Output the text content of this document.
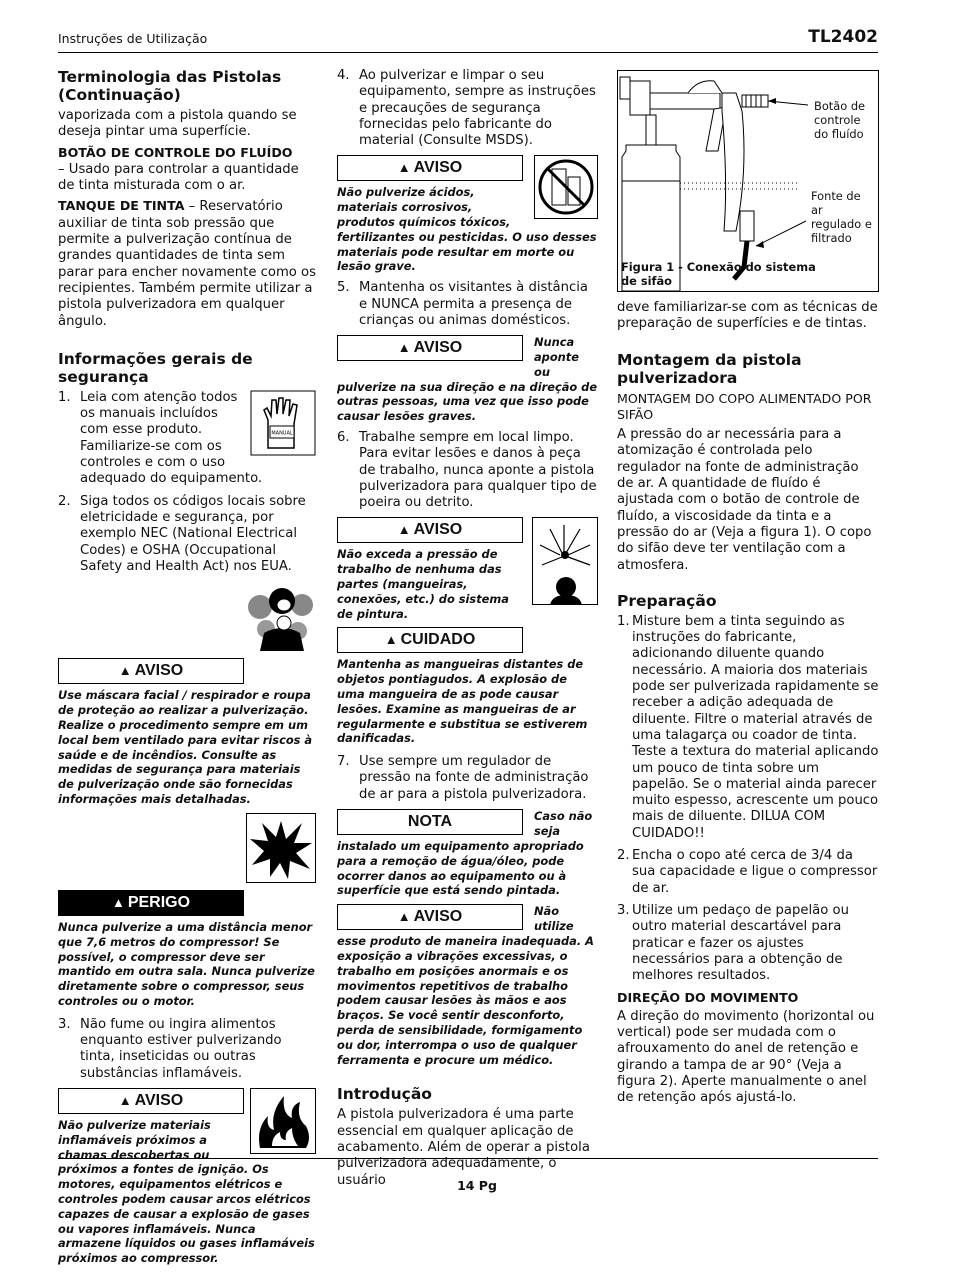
Instruções de Utilização	TL2402
Terminologia das Pistolas (Continuação)

vaporizada com a pistola quando se deseja pintar uma superfície.

BOTÃO DE CONTROLE DO FLUÍDO
– Usado para controlar a quantidade de tinta misturada com o ar.

TANQUE DE TINTA – Reservatório auxiliar de tinta sob pressão que permite a pulverização contínua de grandes quantidades de tinta sem parar para encher novamente como os recipientes. Também permite utilizar a pistola pulverizadora em qualquer ângulo.

Informações gerais de segurança
1.
MANUAL
Leia com atenção todos os manuais incluídos com esse produto. Familiarize-se com os controles e com o uso adequado do equipamento.
2. Siga todos os códigos locais sobre eletricidade e segurança, por exemplo NEC (National Electrical Codes) e OSHA (Occupational Safety and Health Act) nos EUA.
▲ AVISO
Use máscara facial / respirador e roupa de proteção ao realizar a pulverização. Realize o procedimento sempre em um local bem ventilado para evitar riscos à saúde e de incêndios. Consulte as medidas de segurança para materiais de pulverização onde são fornecidas informações mais detalhadas.
▲ PERIGO
Nunca pulverize a uma distância menor que 7,6 metros do compressor! Se possível, o compressor deve ser mantido em outra sala. Nunca pulverize diretamente sobre o compressor, seus controles ou o motor.
3. Não fume ou ingira alimentos enquanto estiver pulverizando tinta, inseticidas ou outras substâncias inflamáveis.
▲ AVISO
Não pulverize materiais inflamáveis próximos a chamas descobertas ou próximos a fontes de ignição. Os motores, equipamentos elétricos e controles podem causar arcos elétricos capazes de causar a explosão de gases ou vapores inflamáveis. Nunca armazene líquidos ou gases inflamáveis próximos ao compressor.
4. Ao pulverizar e limpar o seu equipamento, sempre as instruções e precauções de segurança fornecidas pelo fabricante do material (Consulte MSDS).
▲ AVISO
Não pulverize ácidos, materiais corrosivos, produtos químicos tóxicos, fertilizantes ou pesticidas. O uso desses materiais pode resultar em morte ou lesão grave.
5. Mantenha os visitantes à distância e NUNCA permita a presença de crianças ou animas domésticos.
Nunca aponte ou
▲ AVISO
pulverize na sua direção e na direção de outras pessoas, uma vez que isso pode causar lesões graves.
6. Trabalhe sempre em local limpo. Para evitar lesões e danos à peça de trabalho, nunca aponte a pistola pulverizadora para qualquer tipo de poeira ou detrito.
▲ AVISO
Não exceda a pressão de trabalho de nenhuma das partes (mangueiras, conexões, etc.) do sistema de pintura.
▲ CUIDADO
Mantenha as mangueiras distantes de objetos pontiagudos. A explosão de uma mangueira de as pode causar lesões. Examine as mangueiras de ar regularmente e substitua se estiverem danificadas.
7. Use sempre um regulador de pressão na fonte de administração de ar para a pistola pulverizadora.
Caso não seja
NOTA
instalado um equipamento apropriado para a remoção de água/óleo, pode ocorrer danos ao equipamento ou à superfície que está sendo pintada.
Não utilize
▲ AVISO
esse produto de maneira inadequada. A exposição a vibrações excessivas, o trabalho em posições anormais e os movimentos repetitivos de trabalho podem causar lesões às mãos e aos braços. Se você sentir desconforto, perda de sensibilidade, formigamento ou dor, interrompa o uso de qualquer ferramenta e procure um médico.
Introdução

A pistola pulverizadora é uma parte essencial em qualquer aplicação de acabamento. Além de operar a pistola pulverizadora adequadamente, o usuário

Botão de controle do fluído
Fonte de ar regulado e filtrado
Figura 1 - Conexão do sistema de sifão

deve familiarizar-se com as técnicas de preparação de superfícies e de tintas.

Montagem da pistola pulverizadora

MONTAGEM DO COPO ALIMENTADO POR SIFÃO

A pressão do ar necessária para a atomização é controlada pelo regulador na fonte de administração de ar. A quantidade de fluído é ajustada com o botão de controle de fluído, a viscosidade da tinta e a pressão do ar (Veja a figura 1). O copo do sifão deve ter ventilação com a atmosfera.

Preparação
1. Misture bem a tinta seguindo as instruções do fabricante, adicionando diluente quando necessário. A maioria dos materiais pode ser pulverizada rapidamente se receber a adição adequada de diluente. Filtre o material através de uma talagarça ou coador de tinta. Teste a textura do material aplicando um pouco de tinta sobre um papelão. Se o material ainda parecer muito espesso, acrescente um pouco mais de diluente. DILUA COM CUIDADO!!
2. Encha o copo até cerca de 3/4 da sua capacidade e ligue o compressor de ar.
3. Utilize um pedaço de papelão ou outro material descartável para praticar e fazer os ajustes necessários para a obtenção de melhores resultados.

DIREÇÃO DO MOVIMENTO

A direção do movimento (horizontal ou vertical) pode ser mudada com o afrouxamento do anel de retenção e girando a tampa de ar 90° (Veja a figura 2). Aperte manualmente o anel de retenção após ajustá-lo.

14 Pg
